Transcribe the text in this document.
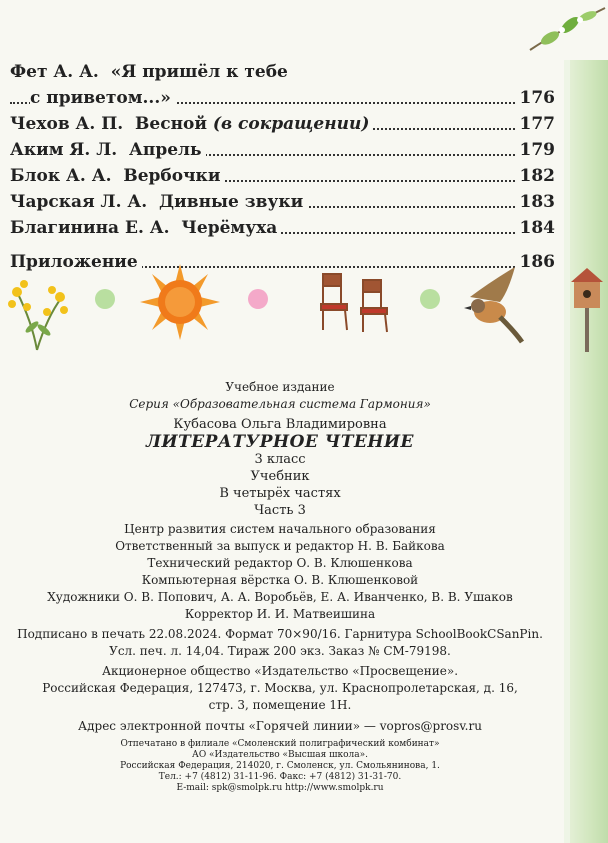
Фет А. А. «Я пришёл к тебе
с приветом...»	176
Чехов А. П. Весной (в сокращении)	177
Аким Я. Л. Апрель	179
Блок А. А. Вербочки	182
Чарская Л. А. Дивные звуки	183
Благинина Е. А. Черёмуха	184
Приложение	186
Учебное издание
Серия «Образовательная система Гармония»
Кубасова Ольга Владимировна
ЛИТЕРАТУРНОЕ ЧТЕНИЕ
3 класс
Учебник
В четырёх частях
Часть 3
Центр развития систем начального образования
Ответственный за выпуск и редактор Н. В. Байкова
Технический редактор О. В. Клюшенкова
Компьютерная вёрстка О. В. Клюшенковой
Художники О. В. Попович, А. А. Воробьёв, Е. А. Иванченко, В. В. Ушаков
Корректор И. И. Матвеишина
Подписано в печать 22.08.2024. Формат 70×90/16. Гарнитура SchoolBookCSanPin.
Усл. печ. л. 14,04. Тираж 200 экз. Заказ № СМ-79198.
Акционерное общество «Издательство «Просвещение».
Российская Федерация, 127473, г. Москва, ул. Краснопролетарская, д. 16,
стр. 3, помещение 1Н.
Адрес электронной почты «Горячей линии» — vopros@prosv.ru
Отпечатано в филиале «Смоленский полиграфический комбинат»
АО «Издательство «Высшая школа».
Российская Федерация, 214020, г. Смоленск, ул. Смольянинова, 1.
Тел.: +7 (4812) 31-11-96. Факс: +7 (4812) 31-31-70.
E-mail: spk@smolpk.ru http://www.smolpk.ru
